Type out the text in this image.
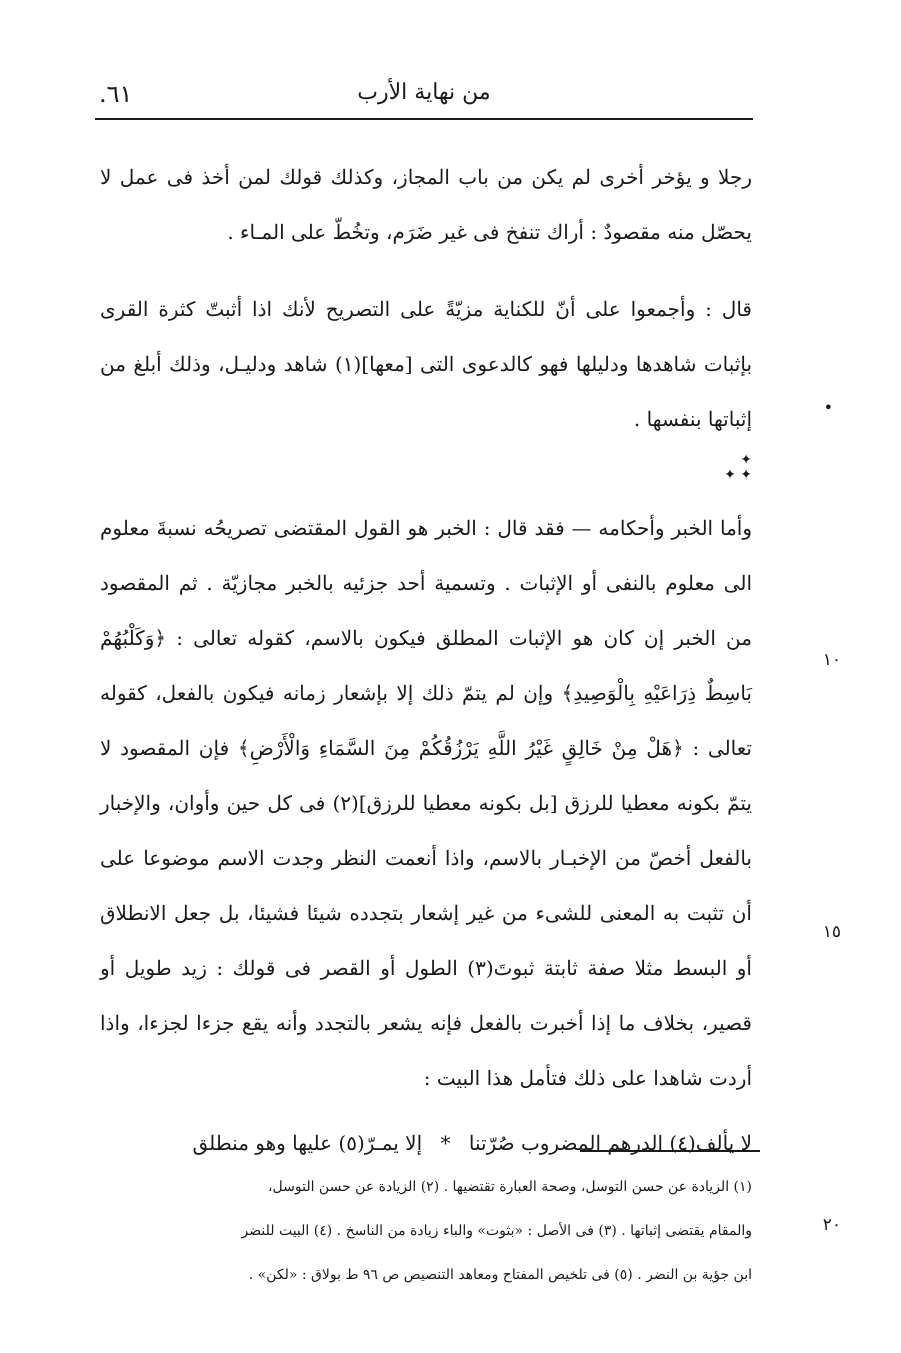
٦١.	من نهاية الأرب

رجلا و يؤخر أخرى لم يكن من باب المجاز، وكذلك قولك لمن أخذ فى عمل لا يحصّل منه مقصودٌ : أراك تنفخ فى غير ضَرَم، وتخُطّ على المـاء .

قال : وأجمعوا على أنّ للكناية مزيّةً على التصريح لأنك اذا أثبتّ كثرة القرى بإثبات شاهدها ودليلها فهو كالدعوى التى [معها](١) شاهد ودليـل، وذلك أبلغ من إثباتها بنفسها .

✦
✦ ✦

وأما الخبر وأحكامه — فقد قال : الخبر هو القول المقتضى تصريحُه نسبةَ معلوم الى معلوم بالنفى أو الإثبات . وتسمية أحد جزئيه بالخبر مجازيّة . ثم المقصود من الخبر إن كان هو الإثبات المطلق فيكون بالاسم، كقوله تعالى : ﴿وَكَلْبُهُمْ بَاسِطٌ ذِرَاعَيْهِ بِالْوَصِيدِ﴾ وإن لم يتمّ ذلك إلا بإشعار زمانه فيكون بالفعل، كقوله تعالى : ﴿هَلْ مِنْ خَالِقٍ غَيْرُ اللَّهِ يَرْزُقُكُمْ مِنَ السَّمَاءِ وَالْأَرْضِ﴾ فإن المقصود لا يتمّ بكونه معطيا للرزق [بل بكونه معطيا للرزق](٢) فى كل حين وأوان، والإخبار بالفعل أخصّ من الإخبـار بالاسم، واذا أنعمت النظر وجدت الاسم موضوعا على أن تثبت به المعنى للشىء من غير إشعار بتجدده شيئا فشيئا، بل جعل الانطلاق أو البسط مثلا صفة ثابتة ثبوتَ(٣) الطول أو القصر فى قولك : زيد طويل أو قصير، بخلاف ما إذا أخبرت بالفعل فإنه يشعر بالتجدد وأنه يقع جزءا لجزءا، واذا أردت شاهدا على ذلك فتأمل هذا البيت :

لا يألف(٤) الدرهم المضروب صُرّتنا * إلا يمـرّ(٥) عليها وهو منطلق
•
١٠
١٥
٢٠

(١) الزيادة عن حسن التوسل، وصحة العبارة تقتضيها . (٢) الزيادة عن حسن التوسل،

والمقام يقتضى إثباتها . (٣) فى الأصل : «بثوت» والباء زيادة من الناسخ . (٤) البيت للنضر

ابن جؤية بن النضر . (٥) فى تلخيص المفتاح ومعاهد التنصيص ص ٩٦ ط بولاق : «لكن» .
